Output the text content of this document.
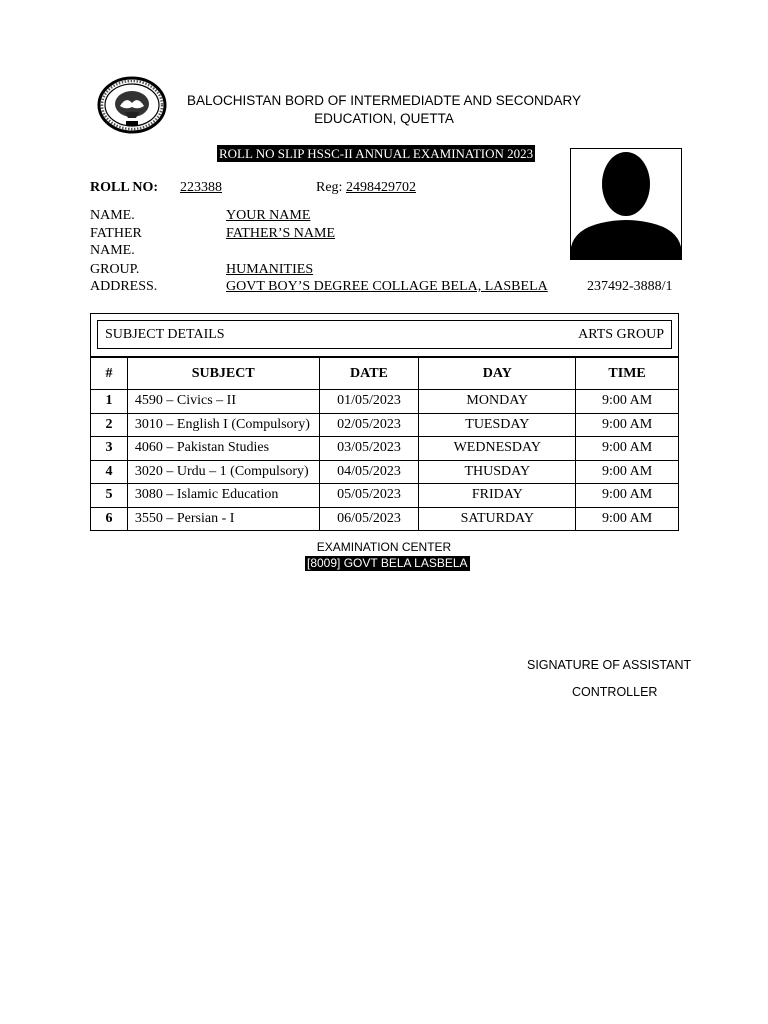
BALOCHISTAN BORD OF INTERMEDIADTE AND SECONDARY
EDUCATION, QUETTA
ROLL NO SLIP HSSC-II ANNUAL EXAMINATION 2023
ROLL NO: 223388	Reg: 2498429702
NAME.	YOUR NAME
FATHER	FATHER’S NAME
NAME.
GROUP.	HUMANITIES
ADDRESS.	GOVT BOY’S DEGREE COLLAGE BELA, LASBELA	237492-3888/1
SUBJECT DETAILS	ARTS GROUP
#	SUBJECT	DATE	DAY	TIME
1	4590 – Civics – II	01/05/2023	MONDAY	9:00 AM
2	3010 – English I (Compulsory)	02/05/2023	TUESDAY	9:00 AM
3	4060 – Pakistan Studies	03/05/2023	WEDNESDAY	9:00 AM
4	3020 – Urdu – 1 (Compulsory)	04/05/2023	THUSDAY	9:00 AM
5	3080 – Islamic Education	05/05/2023	FRIDAY	9:00 AM
6	3550 – Persian - I	06/05/2023	SATURDAY	9:00 AM
EXAMINATION CENTER
[8009] GOVT BELA LASBELA
SIGNATURE OF ASSISTANT
CONTROLLER
